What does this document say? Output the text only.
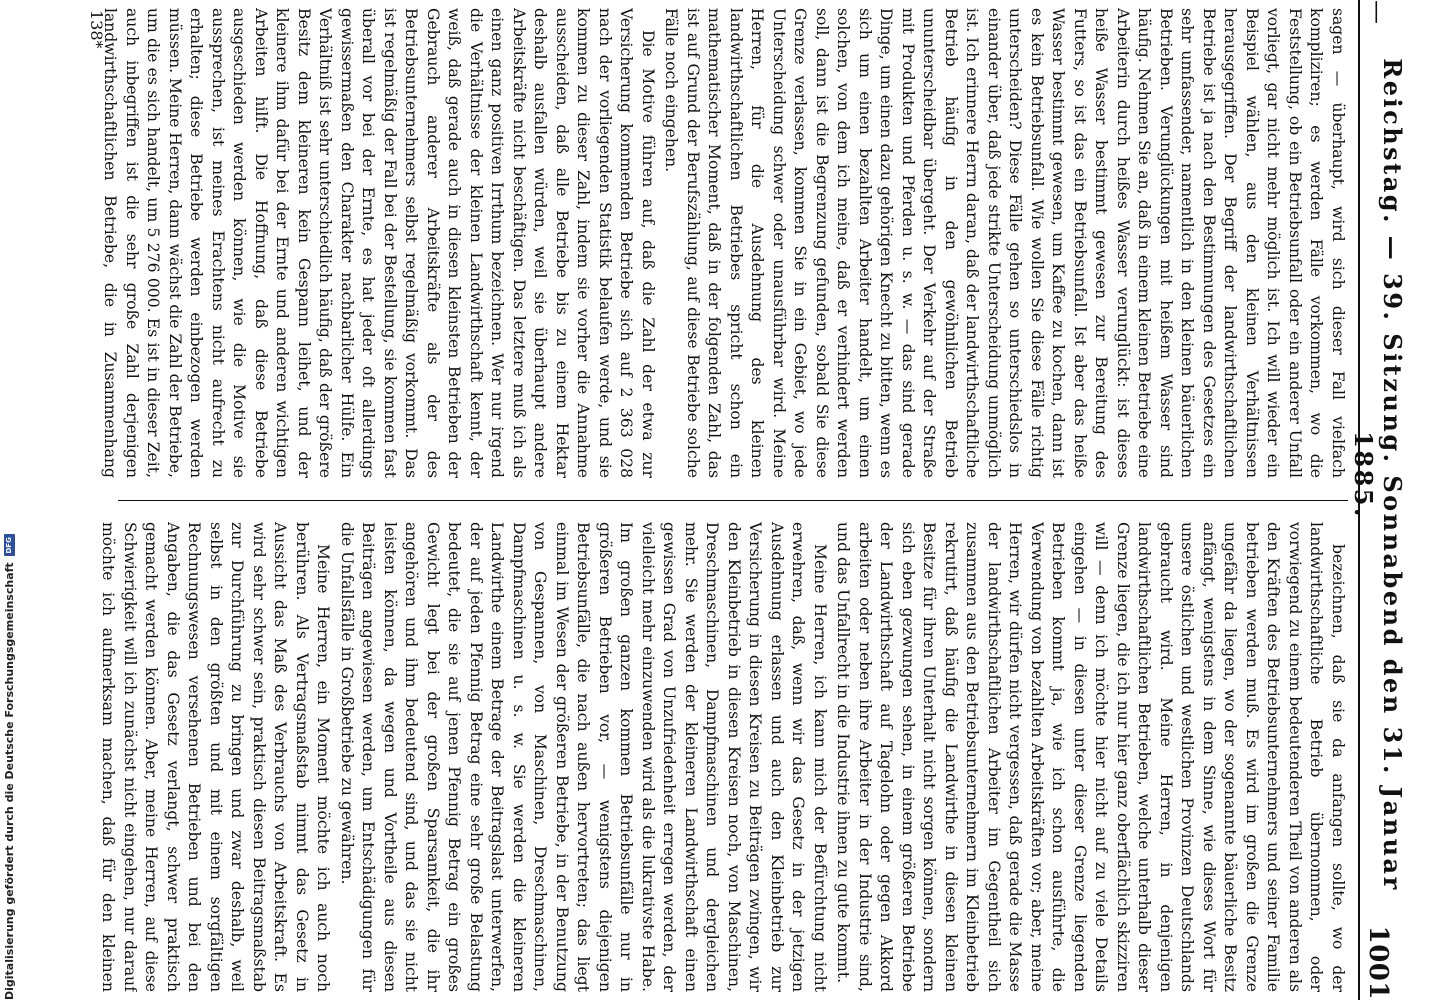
—
Reichstag. — 39. Sitzung. Sonnabend den 31. Januar 1885.
1001

sagen — überhaupt, wird sich dieser Fall vielfach kompliziren; es werden Fälle vorkommen, wo die Feststellung, ob ein Betriebsunfall oder ein anderer Unfall vorliegt, gar nicht mehr möglich ist. Ich will wieder ein Beispiel wählen, aus den kleinen Verhältnissen herausgegriffen. Der Begriff der landwirthschaftlichen Betriebe ist ja nach den Bestimmungen des Gesetzes ein sehr umfassender, namentlich in den kleinen bäuerlichen Betrieben. Verunglückungen mit heißem Wasser sind häufig. Nehmen Sie an, daß in einem kleinen Betriebe eine Arbeiterin durch heißes Wasser verunglückt: ist dieses heiße Wasser bestimmt gewesen zur Bereitung des Futters, so ist das ein Betriebsunfall. Ist aber das heiße Wasser bestimmt gewesen, um Kaffee zu kochen, dann ist es kein Betriebsunfall. Wie wollen Sie diese Fälle richtig unterscheiden? Diese Fälle gehen so unterschiedslos in einander über, daß jede strikte Unterscheidung unmöglich ist. Ich erinnere Herrn daran, daß der landwirthschaftliche Betrieb häufig in den gewöhnlichen Betrieb ununterscheidbar übergeht. Der Verkehr auf der Straße mit Produkten und Pferden u. s. w. — das sind gerade Dinge, um einen dazu gehörigen Knecht zu bitten, wenn es sich um einen bezahlten Arbeiter handelt, um einen solchen, von dem ich meine, daß er verhindert werden soll, dann ist die Begrenzung gefunden, sobald Sie diese Grenze verlassen, kommen Sie in ein Gebiet, wo jede Unterscheidung schwer oder unausführbar wird. Meine Herren, für die Ausdehnung des kleinen landwirthschaftlichen Betriebes spricht schon ein mathematischer Moment, daß in der folgenden Zahl, das ist auf Grund der Berufszählung, auf diese Betriebe solche Fälle noch eingehen.

Die Motive führen auf, daß die Zahl der etwa zur Versicherung kommenden Betriebe sich auf 2 363 028 nach der vorliegenden Statistik belaufen werde, und sie kommen zu dieser Zahl, indem sie vorher die Annahme ausscheiden, daß alle Betriebe bis zu einem Hektar deshalb ausfallen würden, weil sie überhaupt andere Arbeitskräfte nicht beschäftigen. Das letztere muß ich als einen ganz positiven Irrthum bezeichnen. Wer nur irgend die Verhältnisse der kleinen Landwirthschaft kennt, der weiß, daß gerade auch in diesen kleinsten Betrieben der Gebrauch anderer Arbeitskräfte als der des Betriebsunternehmers selbst regelmäßig vorkommt. Das ist regelmäßig der Fall bei der Bestellung, sie kommen fast überall vor bei der Ernte, es hat jeder oft allerdings gewissermaßen den Charakter nachbarlicher Hülfe. Ein Verhältniß ist sehr unterschiedlich häufig, daß der größere Besitz dem kleineren kein Gespann leihet, und der kleinere ihm dafür bei der Ernte und anderen wichtigen Arbeiten hilft. Die Hoffnung, daß diese Betriebe ausgeschieden werden können, wie die Motive sie aussprechen, ist meines Erachtens nicht aufrecht zu erhalten; diese Betriebe werden einbezogen werden müssen. Meine Herren, dann wächst die Zahl der Betriebe, um die es sich handelt, um 5 276 000. Es ist in dieser Zeit, auch inbegriffen ist die sehr große Zahl derjenigen landwirthschaftlichen Betriebe, die in Zusammenhang

bezeichnen, daß sie da anfangen sollte, wo der landwirthschaftliche Betrieb übernommen, oder vorwiegend zu einem bedeutenderen Theil von anderen als den Kräften des Betriebsunternehmers und seiner Familie betrieben werden muß. Es wird im großen die Grenze ungefähr da liegen, wo der sogenannte bäuerliche Besitz anfängt, wenigstens in dem Sinne, wie dieses Wort für unsere östlichen und westlichen Provinzen Deutschlands gebraucht wird. Meine Herren, in denjenigen landwirthschaftlichen Betrieben, welche unterhalb dieser Grenze liegen, die ich nur hier ganz oberflächlich skizziren will — denn ich möchte hier nicht auf zu viele Details eingehen — in diesen unter dieser Grenze liegenden Betrieben kommt ja, wie ich schon ausführte, die Verwendung von bezahlten Arbeitskräften vor; aber, meine Herren, wir dürfen nicht vergessen, daß gerade die Masse der landwirthschaftlichen Arbeiter im Gegentheil sich zusammen aus den Betriebsunternehmern im Kleinbetrieb rekrutirt, daß häufig die Landwirthe in diesen kleinen Besitze für ihren Unterhalt nicht sorgen können, sondern sich eben gezwungen sehen, in einem größeren Betriebe der Landwirthschaft auf Tagelohn oder gegen Akkord arbeiten oder neben ihre Arbeiter in der Industrie sind, und das Unfallrecht in die Industrie ihnen zu gute kommt.

Meine Herren, ich kann mich der Befürchtung nicht erwehren, daß, wenn wir das Gesetz in der jetzigen Ausdehnung erlassen und auch den Kleinbetrieb zur Versicherung in diesen Kreisen zu Beiträgen zwingen, wir den Kleinbetrieb in diesen Kreisen noch, von Maschinen, Dreschmaschinen, Dampfmaschinen und dergleichen mehr. Sie werden der kleineren Landwirthschaft einen gewissen Grad von Unzufriedenheit erregen werden, der vielleicht mehr einzuwenden wird als die lukrativste Habe. Im großen ganzen kommen Betriebsunfälle nur in größeren Betrieben vor, — wenigstens diejenigen Betriebsunfälle, die nach außen hervortreten; das liegt einmal im Wesen der größeren Betriebe, in der Benutzung von Gespannen, von Maschinen, Dreschmaschinen, Dampfmaschinen u. s. w. Sie werden die kleineren Landwirthe einem Betrage der Beitragslast unterwerfen, der auf jeden Pfennig Betrag eine sehr große Belastung bedeutet, die sie auf jenen Pfennig Betrag ein großes Gewicht legt bei der großen Sparsamkeit, die ihr angehören und ihm bedeutend sind, und das sie nicht leisten können, da wegen und Vortheile aus diesen Beiträgen angewiesen werden, um Entschädigungen für die Unfallsfälle in Großbetriebe zu gewähren.

Meine Herren, ein Moment möchte ich auch noch berühren. Als Vertragsmaßstab nimmt das Gesetz in Aussicht das Maß des Verbrauchs von Arbeitskraft. Es wird sehr schwer sein, praktisch diesen Beitragsmaßstab zur Durchführung zu bringen und zwar deshalb, weil selbst in den größten und mit einem sorgfältigen Rechnungswesen versehenen Betrieben und bei den Angaben, die das Gesetz verlangt, schwer praktisch gemacht werden können. Aber, meine Herren, auf diese Schwierigkeit will ich zunächst nicht eingehen, nur darauf möchte ich aufmerksam machen, daß für den kleinen

138*
Digitalisierung gefördert durch die Deutsche Forschungsgemeinschaft
DFG
